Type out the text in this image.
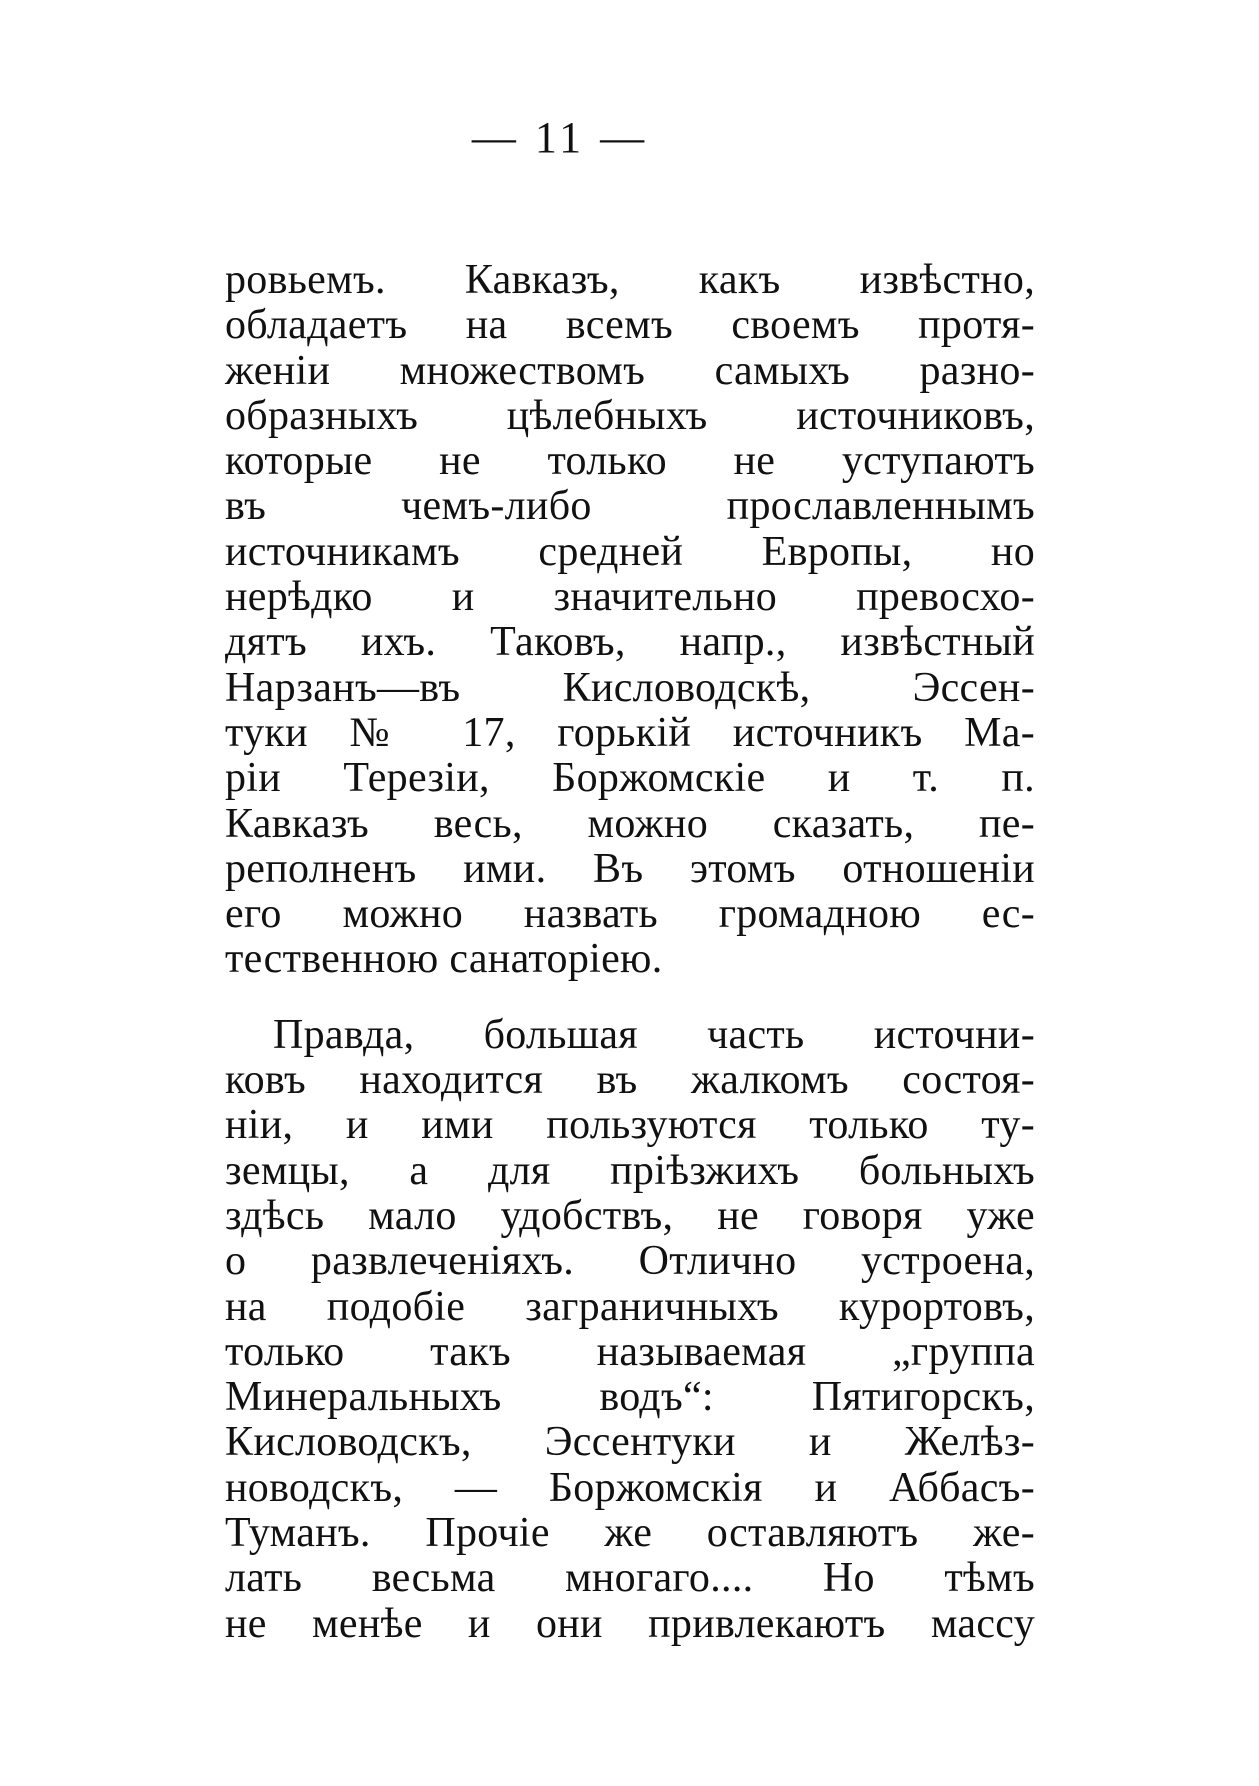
— 11 —
ровьемъ. Кавказъ, какъ извѣстно,
обладаетъ на всемъ своемъ протя-
женіи множествомъ самыхъ разно-
образныхъ цѣлебныхъ источниковъ,
которые не только не уступаютъ
въ чемъ-либо прославленнымъ
источникамъ средней Европы, но
нерѣдко и значительно превосхо-
дятъ ихъ. Таковъ, напр., извѣстный
Нарзанъ—въ Кисловодскѣ, Эссен-
туки № 17, горькій источникъ Ма-
ріи Терезіи, Боржомскіе и т. п.
Кавказъ весь, можно сказать, пе-
реполненъ ими. Въ этомъ отношеніи
его можно назвать громадною ес-
тественною санаторіею.
Правда, большая часть источни-
ковъ находится въ жалкомъ состоя-
ніи, и ими пользуются только ту-
земцы, а для пріѣзжихъ больныхъ
здѣсь мало удобствъ, не говоря уже
о развлеченіяхъ. Отлично устроена,
на подобіе заграничныхъ курортовъ,
только такъ называемая „группа
Минеральныхъ водъ“: Пятигорскъ,
Кисловодскъ, Эссентуки и Желѣз-
новодскъ, — Боржомскія и Аббасъ-
Туманъ. Прочіе же оставляютъ же-
лать весьма многаго.... Но тѣмъ
не менѣе и они привлекаютъ массу
